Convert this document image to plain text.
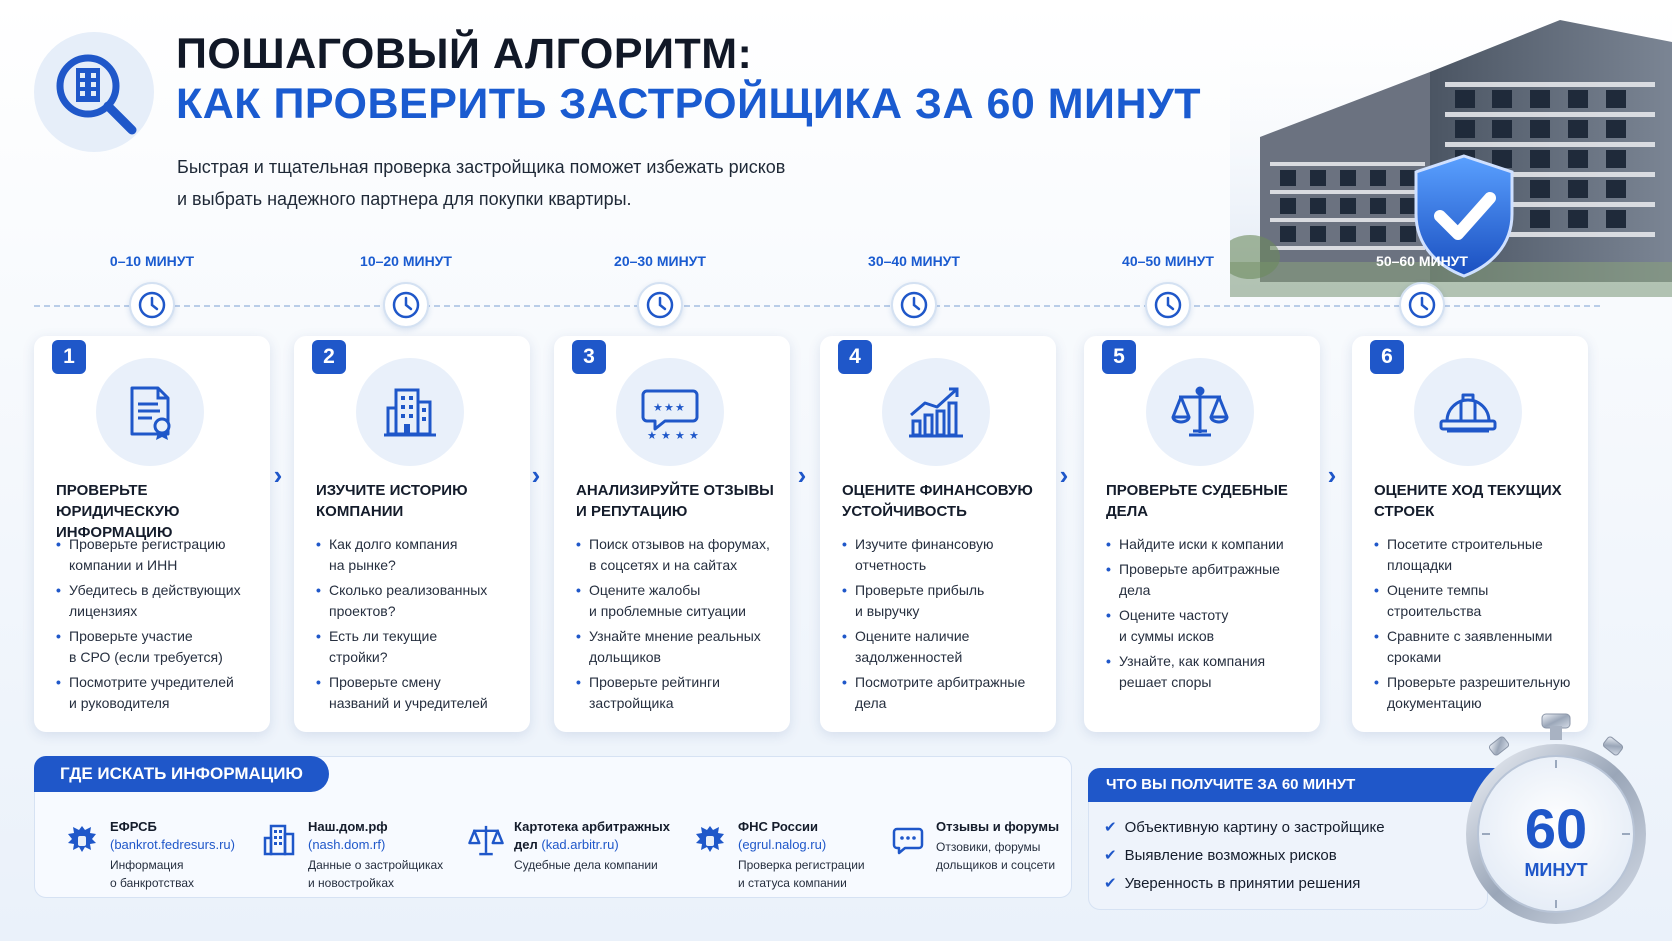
ПОШАГОВЫЙ АЛГОРИТМ:
КАК ПРОВЕРИТЬ ЗАСТРОЙЩИКА ЗА 60 МИНУТ
Быстрая и тщательная проверка застройщика поможет избежать рисков
и выбрать надежного партнера для покупки квартиры.
0–10 МИНУТ	10–20 МИНУТ	20–30 МИНУТ	30–40 МИНУТ	40–50 МИНУТ	50–60 МИНУТ
1
ПРОВЕРЬТЕ ЮРИДИЧЕСКУЮ
ИНФОРМАЦИЮ
• Проверьте регистрацию
компании и ИНН
• Убедитесь в действующих
лицензиях
• Проверьте участие
в СРО (если требуется)
• Посмотрите учредителей
и руководителя
›
2
ИЗУЧИТЕ ИСТОРИЮ
КОМПАНИИ
• Как долго компания
на рынке?
• Сколько реализованных
проектов?
• Есть ли текущие
стройки?
• Проверьте смену
названий и учредителей
›
3
★ ★ ★
★ ★ ★ ★
АНАЛИЗИРУЙТЕ ОТЗЫВЫ
И РЕПУТАЦИЮ
• Поиск отзывов на форумах,
в соцсетях и на сайтах
• Оцените жалобы
и проблемные ситуации
• Узнайте мнение реальных
дольщиков
• Проверьте рейтинги
застройщика
›
4
ОЦЕНИТЕ ФИНАНСОВУЮ
УСТОЙЧИВОСТЬ
• Изучите финансовую
отчетность
• Проверьте прибыль
и выручку
• Оцените наличие
задолженностей
• Посмотрите арбитражные
дела
›
5
ПРОВЕРЬТЕ СУДЕБНЫЕ
ДЕЛА
• Найдите иски к компании
• Проверьте арбитражные
дела
• Оцените частоту
и суммы исков
• Узнайте, как компания
решает споры
›
6
ОЦЕНИТЕ ХОД ТЕКУЩИХ
СТРОЕК
• Посетите строительные
площадки
• Оцените темпы строительства
• Сравните с заявленными
сроками
• Проверьте разрешительную
документацию
ГДЕ ИСКАТЬ ИНФОРМАЦИЮ
ЕФРСБ
(bankrot.fedresurs.ru)
Информация
о банкротствах
Наш.дом.рф
(nash.dom.rf)
Данные о застройщиках
и новостройках
Картотека арбитражных
дел (kad.arbitr.ru)
Судебные дела компании
ФНС России
(egrul.nalog.ru)
Проверка регистрации
и статуса компании
Отзывы и форумы
Отзовики, форумы
дольщиков и соцсети
ЧТО ВЫ ПОЛУЧИТЕ ЗА 60 МИНУТ
✔ Объективную картину о застройщике
✔ Выявление возможных рисков
✔ Уверенность в принятии решения
60
МИНУТ
